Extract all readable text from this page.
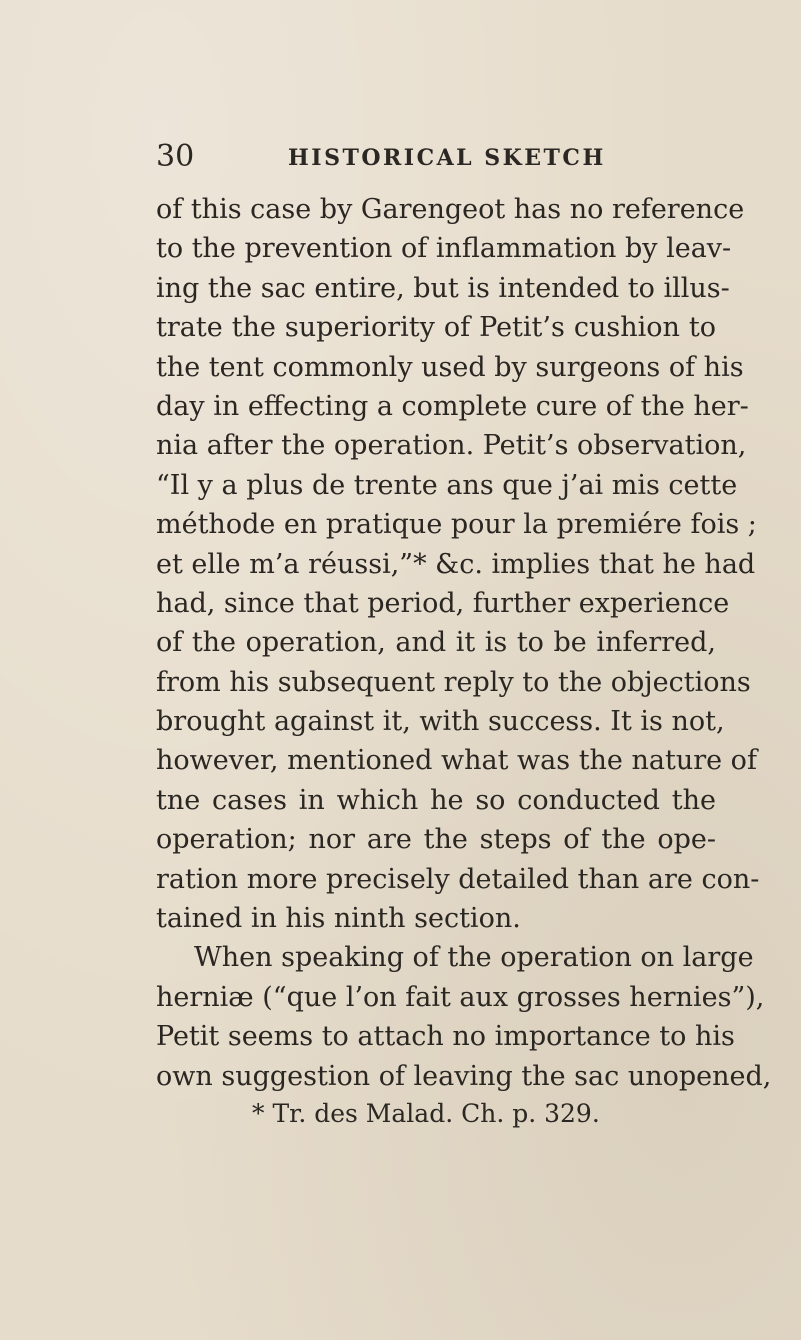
30	HISTORICAL SKETCH
of this case by Garengeot has no reference
to the prevention of inflammation by leav-
ing the sac entire, but is intended to illus-
trate the superiority of Petit’s cushion to
the tent commonly used by surgeons of his
day in effecting a complete cure of the her-
nia after the operation. Petit’s observation,
“Il y a plus de trente ans que j’ai mis cette
méthode en pratique pour la premiére fois ;
et elle m’a réussi,”* &c. implies that he had
had, since that period, further experience
of the operation, and it is to be inferred,
from his subsequent reply to the objections
brought against it, with success. It is not,
however, mentioned what was the nature of
tne cases in which he so conducted the
operation; nor are the steps of the ope-
ration more precisely detailed than are con-
tained in his ninth section.
When speaking of the operation on large
herniæ (“que l’on fait aux grosses hernies”),
Petit seems to attach no importance to his
own suggestion of leaving the sac unopened,
* Tr. des Malad. Ch. p. 329.
